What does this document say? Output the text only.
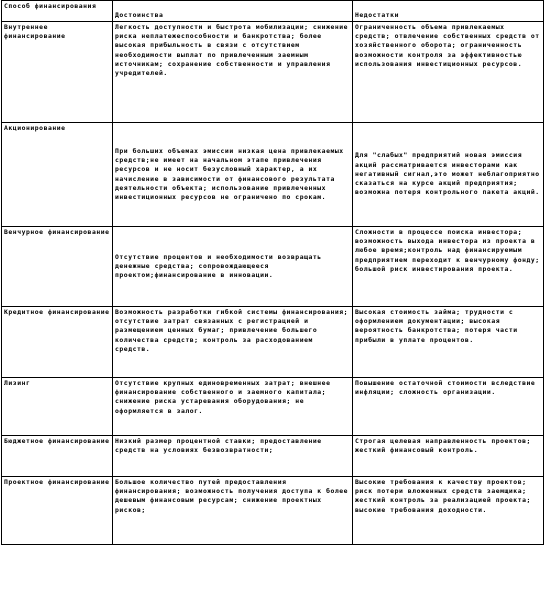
Способ финансирования	Достоинства	Недостатки
Внутреннее финансирование	Легкость доступности и быстрота мобилизации; снижение риска неплатежеспособности и банкротства; более высокая прибыльность в связи с отсутствием необходимости выплат по привлеченным заемным источникам; сохранение собственности и управления учредителей.	Ограниченность объема привлекаемых средств; отвлечение собственных средств от хозяйственного оборота; ограниченность возможности контроля за эффективностью использования инвестиционных ресурсов.
Акционирование	При больших объемах эмиссии низкая цена привлекаемых средств;не имеет на начальном этапе привлечения ресурсов и не носит безусловный характер, а их начисление в зависимости от финансового результата деятельности объекта; использование привлеченных инвестиционных ресурсов не ограничено по срокам.	Для "слабых" предприятий новая эмиссия акций рассматривается инвесторами как негативный сигнал,это может неблагоприятно сказаться на курсе акций предприятия; возможна потеря контрольного пакета акций.
Венчурное финансирование	Отсутствие процентов и необходимости возвращать денежные средства; сопровождающееся проектом;финансирование в инновации.	Сложности в процессе поиска инвестора; возможность выхода инвестора из проекта в любое время;контроль над финансируемым предприятием переходит к венчурному фонду; большой риск инвестирования проекта.
Кредитное финансирование	Возможность разработки гибкой системы финансирования; отсутствие затрат связанных с регистрацией и размещением ценных бумаг; привлечение большего количества средств; контроль за расходованием средств.	Высокая стоимость займа; трудности с оформлением документации; высокая вероятность банкротства; потеря части прибыли в уплате процентов.
Лизинг	Отсутствие крупных единовременных затрат; внешнее финансирование собственного и заемного капитала; снижение риска устаревания оборудования; не оформляется в залог.	Повышение остаточной стоимости вследствие инфляции; сложность организации.
Бюджетное финансирование	Низкий размер процентной ставки; предоставление средств на условиях безвозвратности;	Строгая целевая направленность проектов; жесткий финансовый контроль.
Проектное финансирование	Большое количество путей предоставления финансирования; возможность получения доступа к более дешевым финансовым ресурсам; снижение проектных рисков;	Высокие требования к качеству проектов; риск потери вложенных средств заемщика; жесткий контроль за реализацией проекта; высокие требования доходности.
